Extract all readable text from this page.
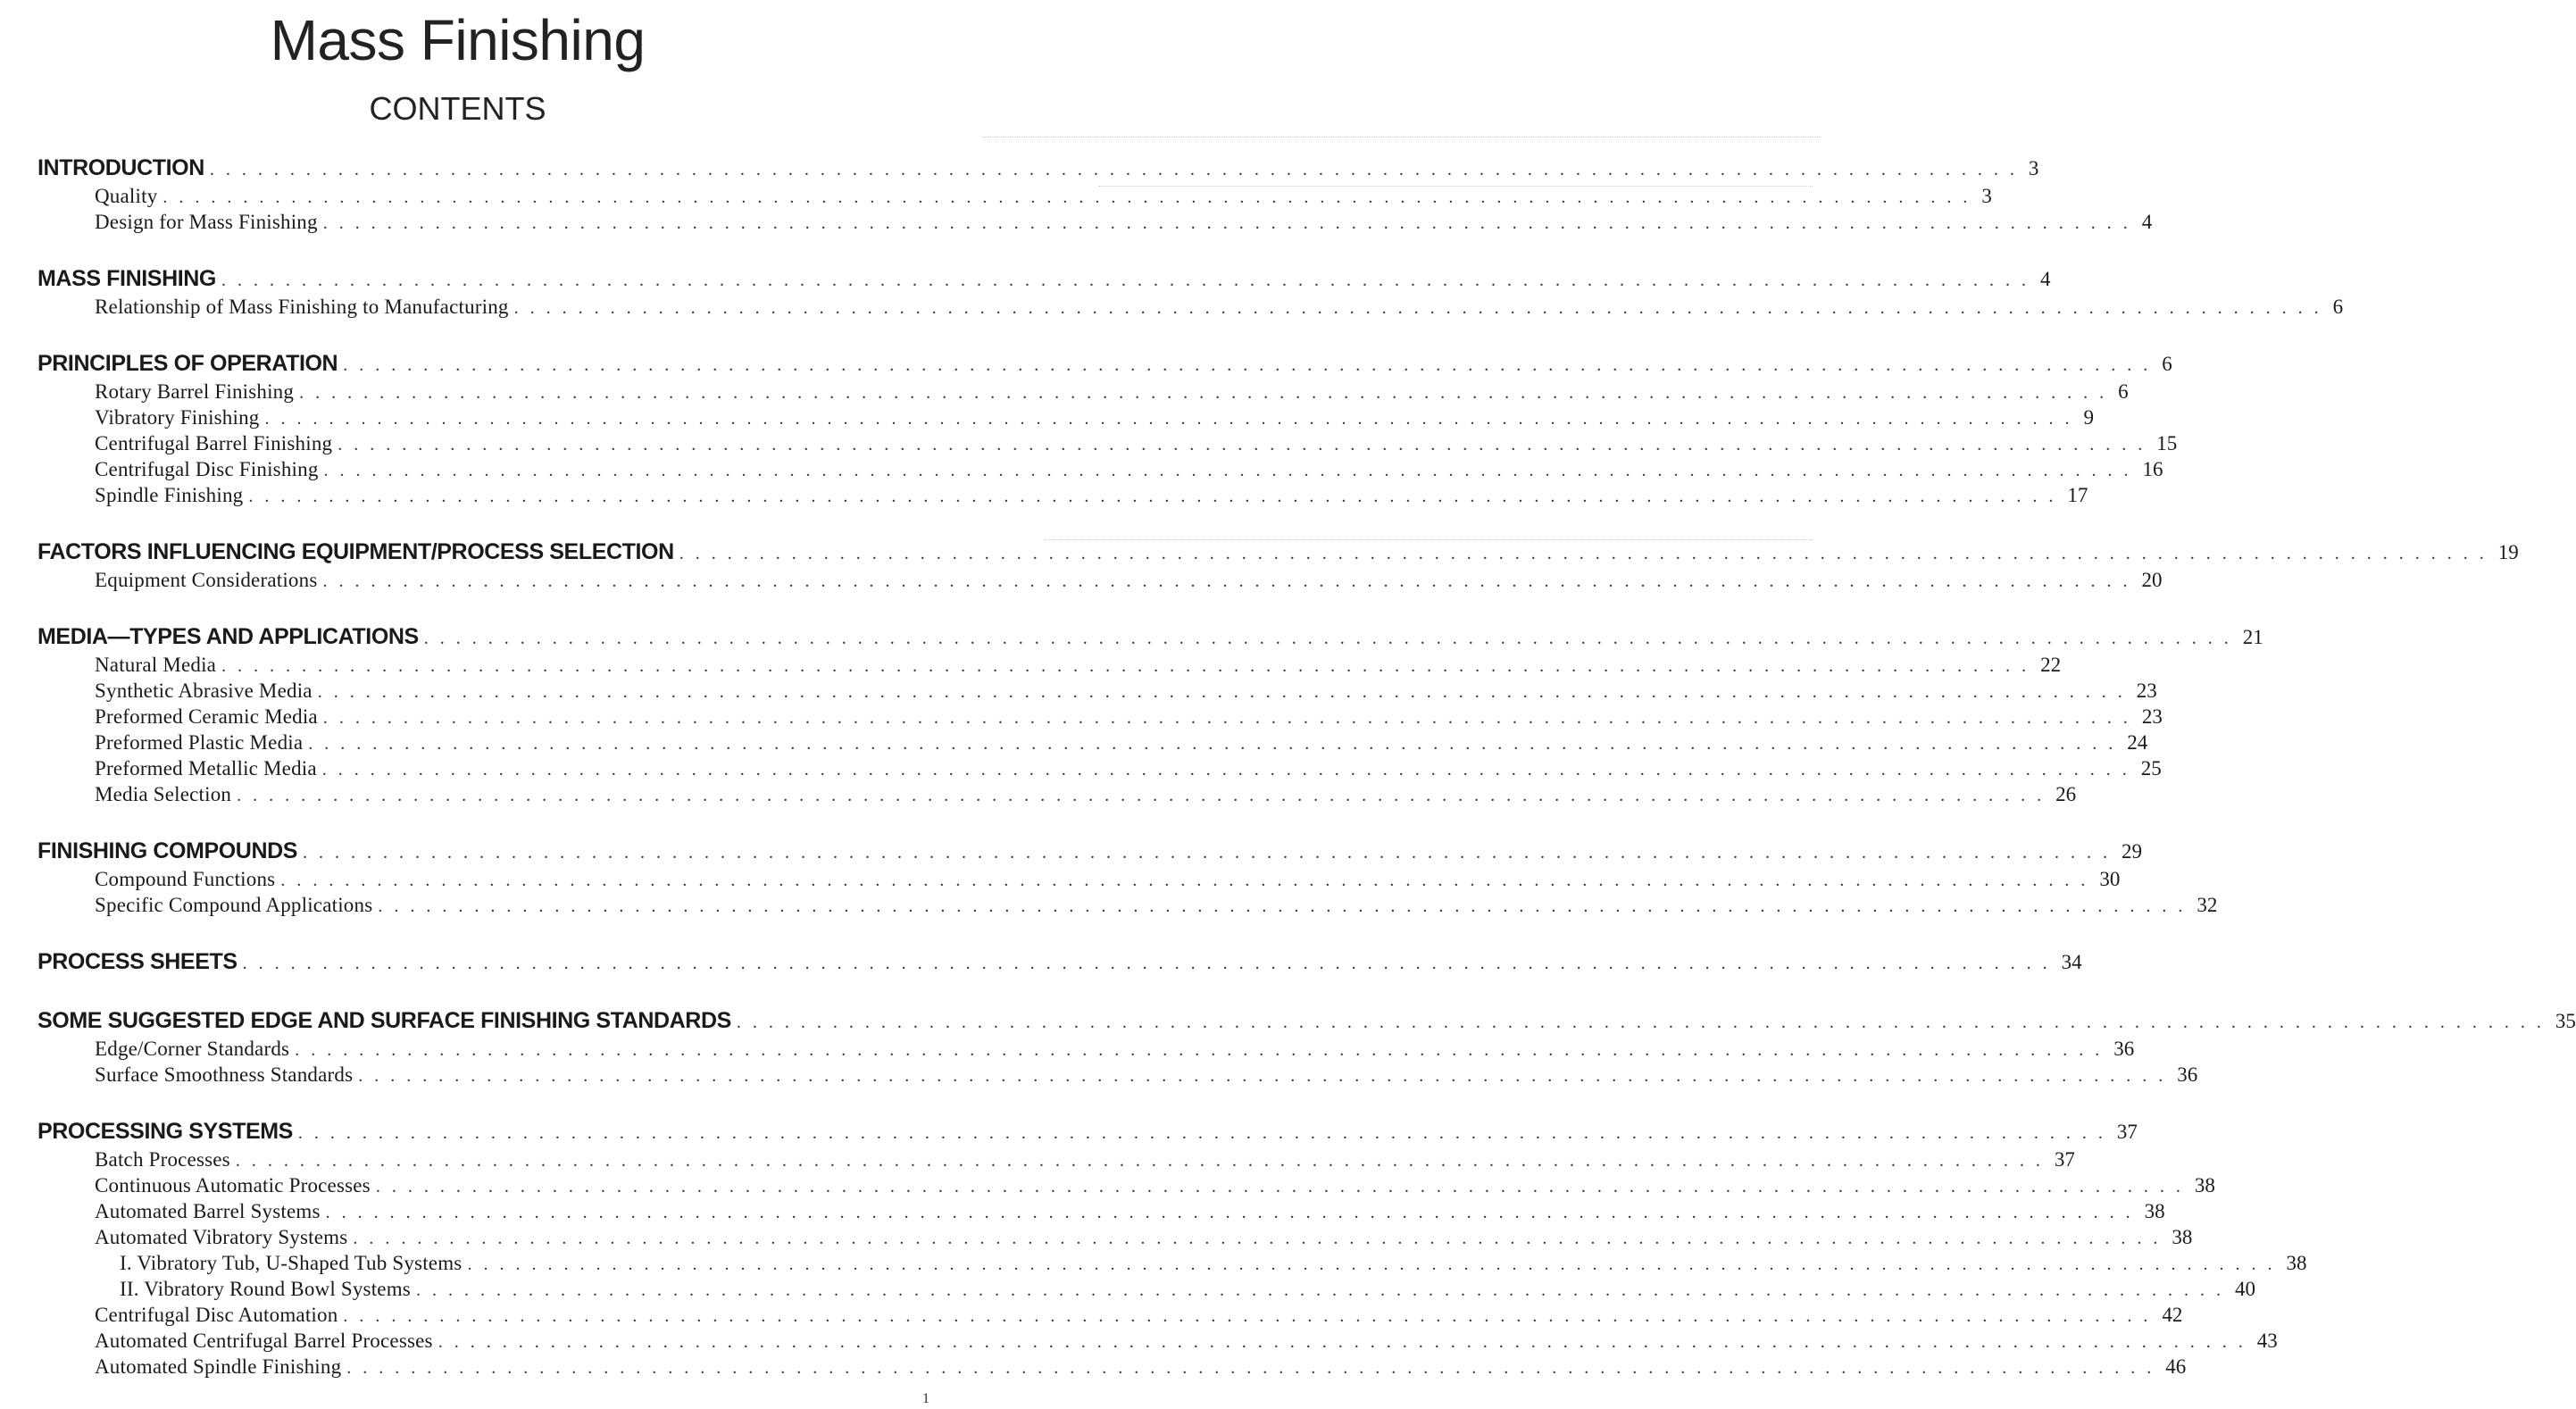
Mass Finishing
CONTENTS
INTRODUCTION . . . . . . . . . . . . . . . . . . . . . . . . . . . . . . . . . . . . . . . . . . . . . . . . . . . . . . . . . . . . . . . . . . . . . . . . . . . . . . . . . . . . . . . . . . . . . . . . . . . . . . . . . . . . . . . . . 3
Quality . . . . . . . . . . . . . . . . . . . . . . . . . . . . . . . . . . . . . . . . . . . . . . . . . . . . . . . . . . . . . . . . . . . . . . . . . . . . . . . . . . . . . . . . . . . . . . . . . . . . . . . . . . . . . . . . . 3
Design for Mass Finishing . . . . . . . . . . . . . . . . . . . . . . . . . . . . . . . . . . . . . . . . . . . . . . . . . . . . . . . . . . . . . . . . . . . . . . . . . . . . . . . . . . . . . . . . . . . . . . . . . . . . . . . . . . . . . . . . . 4
MASS FINISHING . . . . . . . . . . . . . . . . . . . . . . . . . . . . . . . . . . . . . . . . . . . . . . . . . . . . . . . . . . . . . . . . . . . . . . . . . . . . . . . . . . . . . . . . . . . . . . . . . . . . . . . . . . . . . . . . . 4
Relationship of Mass Finishing to Manufacturing . . . . . . . . . . . . . . . . . . . . . . . . . . . . . . . . . . . . . . . . . . . . . . . . . . . . . . . . . . . . . . . . . . . . . . . . . . . . . . . . . . . . . . . . . . . . . . . . . . . . . . . . . . . . . . . . . 6
PRINCIPLES OF OPERATION . . . . . . . . . . . . . . . . . . . . . . . . . . . . . . . . . . . . . . . . . . . . . . . . . . . . . . . . . . . . . . . . . . . . . . . . . . . . . . . . . . . . . . . . . . . . . . . . . . . . . . . . . . . . . . . . . 6
Rotary Barrel Finishing . . . . . . . . . . . . . . . . . . . . . . . . . . . . . . . . . . . . . . . . . . . . . . . . . . . . . . . . . . . . . . . . . . . . . . . . . . . . . . . . . . . . . . . . . . . . . . . . . . . . . . . . . . . . . . . . . 6
Vibratory Finishing . . . . . . . . . . . . . . . . . . . . . . . . . . . . . . . . . . . . . . . . . . . . . . . . . . . . . . . . . . . . . . . . . . . . . . . . . . . . . . . . . . . . . . . . . . . . . . . . . . . . . . . . . . . . . . . . . 9
Centrifugal Barrel Finishing . . . . . . . . . . . . . . . . . . . . . . . . . . . . . . . . . . . . . . . . . . . . . . . . . . . . . . . . . . . . . . . . . . . . . . . . . . . . . . . . . . . . . . . . . . . . . . . . . . . . . . . . . . . . . . . . . 15
Centrifugal Disc Finishing . . . . . . . . . . . . . . . . . . . . . . . . . . . . . . . . . . . . . . . . . . . . . . . . . . . . . . . . . . . . . . . . . . . . . . . . . . . . . . . . . . . . . . . . . . . . . . . . . . . . . . . . . . . . . . . . . 16
Spindle Finishing . . . . . . . . . . . . . . . . . . . . . . . . . . . . . . . . . . . . . . . . . . . . . . . . . . . . . . . . . . . . . . . . . . . . . . . . . . . . . . . . . . . . . . . . . . . . . . . . . . . . . . . . . . . . . . . . . 17
FACTORS INFLUENCING EQUIPMENT/PROCESS SELECTION . . . . . . . . . . . . . . . . . . . . . . . . . . . . . . . . . . . . . . . . . . . . . . . . . . . . . . . . . . . . . . . . . . . . . . . . . . . . . . . . . . . . . . . . . . . . . . . . . . . . . . . . . . . . . . . . . 19
Equipment Considerations . . . . . . . . . . . . . . . . . . . . . . . . . . . . . . . . . . . . . . . . . . . . . . . . . . . . . . . . . . . . . . . . . . . . . . . . . . . . . . . . . . . . . . . . . . . . . . . . . . . . . . . . . . . . . . . . . 20
MEDIA—TYPES AND APPLICATIONS . . . . . . . . . . . . . . . . . . . . . . . . . . . . . . . . . . . . . . . . . . . . . . . . . . . . . . . . . . . . . . . . . . . . . . . . . . . . . . . . . . . . . . . . . . . . . . . . . . . . . . . . . . . . . . . . . 21
Natural Media . . . . . . . . . . . . . . . . . . . . . . . . . . . . . . . . . . . . . . . . . . . . . . . . . . . . . . . . . . . . . . . . . . . . . . . . . . . . . . . . . . . . . . . . . . . . . . . . . . . . . . . . . . . . . . . . . 22
Synthetic Abrasive Media . . . . . . . . . . . . . . . . . . . . . . . . . . . . . . . . . . . . . . . . . . . . . . . . . . . . . . . . . . . . . . . . . . . . . . . . . . . . . . . . . . . . . . . . . . . . . . . . . . . . . . . . . . . . . . . . . 23
Preformed Ceramic Media . . . . . . . . . . . . . . . . . . . . . . . . . . . . . . . . . . . . . . . . . . . . . . . . . . . . . . . . . . . . . . . . . . . . . . . . . . . . . . . . . . . . . . . . . . . . . . . . . . . . . . . . . . . . . . . . . 23
Preformed Plastic Media . . . . . . . . . . . . . . . . . . . . . . . . . . . . . . . . . . . . . . . . . . . . . . . . . . . . . . . . . . . . . . . . . . . . . . . . . . . . . . . . . . . . . . . . . . . . . . . . . . . . . . . . . . . . . . . . . 24
Preformed Metallic Media . . . . . . . . . . . . . . . . . . . . . . . . . . . . . . . . . . . . . . . . . . . . . . . . . . . . . . . . . . . . . . . . . . . . . . . . . . . . . . . . . . . . . . . . . . . . . . . . . . . . . . . . . . . . . . . . . 25
Media Selection . . . . . . . . . . . . . . . . . . . . . . . . . . . . . . . . . . . . . . . . . . . . . . . . . . . . . . . . . . . . . . . . . . . . . . . . . . . . . . . . . . . . . . . . . . . . . . . . . . . . . . . . . . . . . . . . . 26
FINISHING COMPOUNDS . . . . . . . . . . . . . . . . . . . . . . . . . . . . . . . . . . . . . . . . . . . . . . . . . . . . . . . . . . . . . . . . . . . . . . . . . . . . . . . . . . . . . . . . . . . . . . . . . . . . . . . . . . . . . . . . . 29
Compound Functions . . . . . . . . . . . . . . . . . . . . . . . . . . . . . . . . . . . . . . . . . . . . . . . . . . . . . . . . . . . . . . . . . . . . . . . . . . . . . . . . . . . . . . . . . . . . . . . . . . . . . . . . . . . . . . . . . 30
Specific Compound Applications . . . . . . . . . . . . . . . . . . . . . . . . . . . . . . . . . . . . . . . . . . . . . . . . . . . . . . . . . . . . . . . . . . . . . . . . . . . . . . . . . . . . . . . . . . . . . . . . . . . . . . . . . . . . . . . . . 32
PROCESS SHEETS . . . . . . . . . . . . . . . . . . . . . . . . . . . . . . . . . . . . . . . . . . . . . . . . . . . . . . . . . . . . . . . . . . . . . . . . . . . . . . . . . . . . . . . . . . . . . . . . . . . . . . . . . . . . . . . . . 34
SOME SUGGESTED EDGE AND SURFACE FINISHING STANDARDS . . . . . . . . . . . . . . . . . . . . . . . . . . . . . . . . . . . . . . . . . . . . . . . . . . . . . . . . . . . . . . . . . . . . . . . . . . . . . . . . . . . . . . . . . . . . . . . . . . . . . . . . . . . . . . . . . 35
Edge/Corner Standards . . . . . . . . . . . . . . . . . . . . . . . . . . . . . . . . . . . . . . . . . . . . . . . . . . . . . . . . . . . . . . . . . . . . . . . . . . . . . . . . . . . . . . . . . . . . . . . . . . . . . . . . . . . . . . . . . 36
Surface Smoothness Standards . . . . . . . . . . . . . . . . . . . . . . . . . . . . . . . . . . . . . . . . . . . . . . . . . . . . . . . . . . . . . . . . . . . . . . . . . . . . . . . . . . . . . . . . . . . . . . . . . . . . . . . . . . . . . . . . . 36
PROCESSING SYSTEMS . . . . . . . . . . . . . . . . . . . . . . . . . . . . . . . . . . . . . . . . . . . . . . . . . . . . . . . . . . . . . . . . . . . . . . . . . . . . . . . . . . . . . . . . . . . . . . . . . . . . . . . . . . . . . . . . . 37
Batch Processes . . . . . . . . . . . . . . . . . . . . . . . . . . . . . . . . . . . . . . . . . . . . . . . . . . . . . . . . . . . . . . . . . . . . . . . . . . . . . . . . . . . . . . . . . . . . . . . . . . . . . . . . . . . . . . . . . 37
Continuous Automatic Processes . . . . . . . . . . . . . . . . . . . . . . . . . . . . . . . . . . . . . . . . . . . . . . . . . . . . . . . . . . . . . . . . . . . . . . . . . . . . . . . . . . . . . . . . . . . . . . . . . . . . . . . . . . . . . . . . . 38
Automated Barrel Systems . . . . . . . . . . . . . . . . . . . . . . . . . . . . . . . . . . . . . . . . . . . . . . . . . . . . . . . . . . . . . . . . . . . . . . . . . . . . . . . . . . . . . . . . . . . . . . . . . . . . . . . . . . . . . . . . . 38
Automated Vibratory Systems . . . . . . . . . . . . . . . . . . . . . . . . . . . . . . . . . . . . . . . . . . . . . . . . . . . . . . . . . . . . . . . . . . . . . . . . . . . . . . . . . . . . . . . . . . . . . . . . . . . . . . . . . . . . . . . . . 38
I. Vibratory Tub, U-Shaped Tub Systems . . . . . . . . . . . . . . . . . . . . . . . . . . . . . . . . . . . . . . . . . . . . . . . . . . . . . . . . . . . . . . . . . . . . . . . . . . . . . . . . . . . . . . . . . . . . . . . . . . . . . . . . . . . . . . . . . 38
II. Vibratory Round Bowl Systems . . . . . . . . . . . . . . . . . . . . . . . . . . . . . . . . . . . . . . . . . . . . . . . . . . . . . . . . . . . . . . . . . . . . . . . . . . . . . . . . . . . . . . . . . . . . . . . . . . . . . . . . . . . . . . . . . 40
Centrifugal Disc Automation . . . . . . . . . . . . . . . . . . . . . . . . . . . . . . . . . . . . . . . . . . . . . . . . . . . . . . . . . . . . . . . . . . . . . . . . . . . . . . . . . . . . . . . . . . . . . . . . . . . . . . . . . . . . . . . . . 42
Automated Centrifugal Barrel Processes . . . . . . . . . . . . . . . . . . . . . . . . . . . . . . . . . . . . . . . . . . . . . . . . . . . . . . . . . . . . . . . . . . . . . . . . . . . . . . . . . . . . . . . . . . . . . . . . . . . . . . . . . . . . . . . . . 43
Automated Spindle Finishing . . . . . . . . . . . . . . . . . . . . . . . . . . . . . . . . . . . . . . . . . . . . . . . . . . . . . . . . . . . . . . . . . . . . . . . . . . . . . . . . . . . . . . . . . . . . . . . . . . . . . . . . . . . . . . . . . 46
1
